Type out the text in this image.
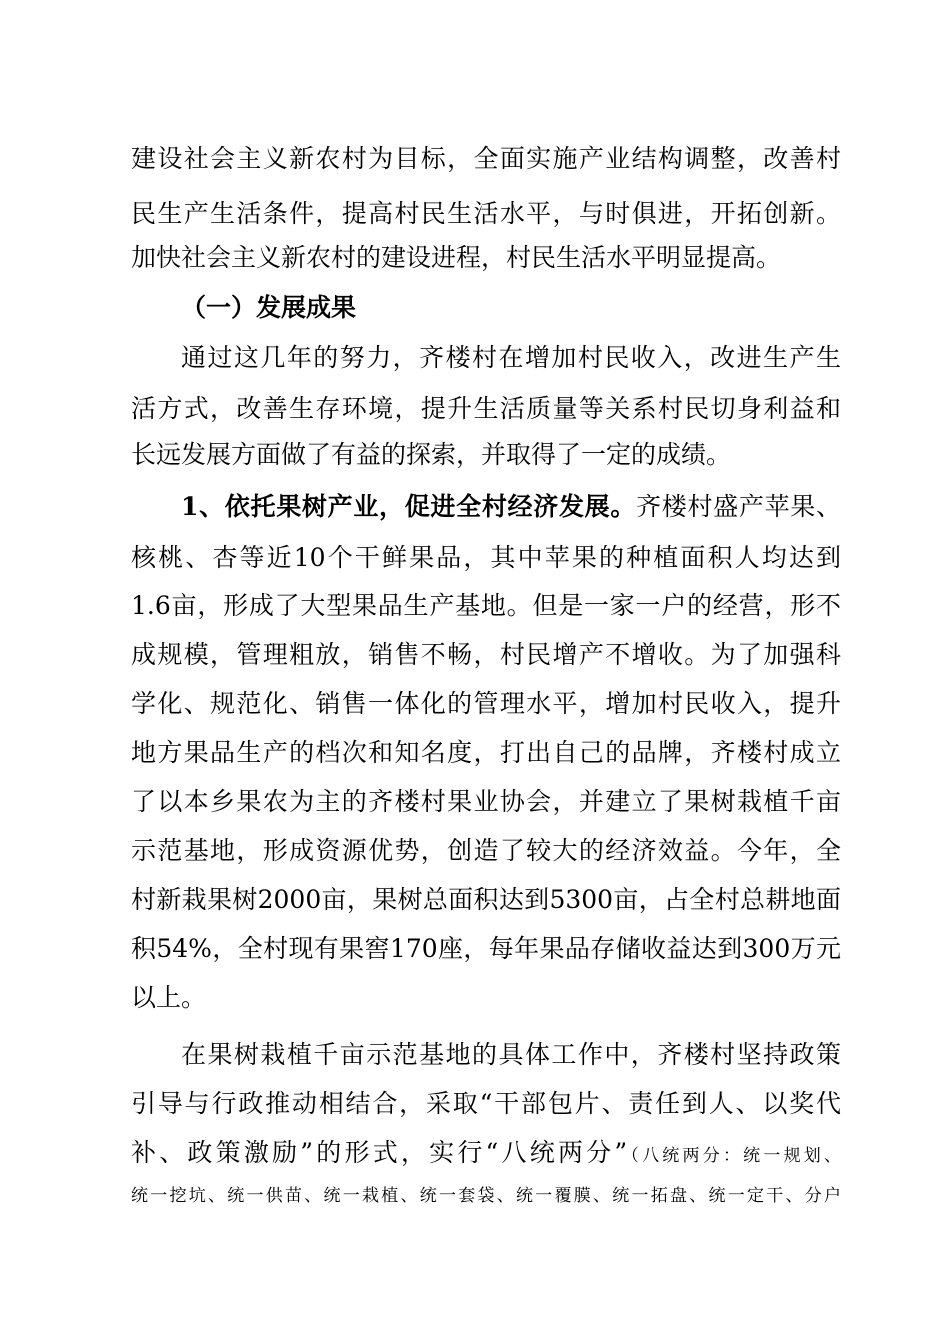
建设社会主义新农村为目标，全面实施产业结构调整，改善村
民生产生活条件，提高村民生活水平，与时俱进，开拓创新。
加快社会主义新农村的建设进程，村民生活水平明显提高。
（一）发展成果
通过这几年的努力，齐楼村在增加村民收入，改进生产生
活方式，改善生存环境，提升生活质量等关系村民切身利益和
长远发展方面做了有益的探索，并取得了一定的成绩。
1、依托果树产业，促进全村经济发展。齐楼村盛产苹果、
核桃、杏等近10个干鲜果品，其中苹果的种植面积人均达到
1.6亩，形成了大型果品生产基地。但是一家一户的经营，形不
成规模，管理粗放，销售不畅，村民增产不增收。为了加强科
学化、规范化、销售一体化的管理水平，增加村民收入，提升
地方果品生产的档次和知名度，打出自己的品牌，齐楼村成立
了以本乡果农为主的齐楼村果业协会，并建立了果树栽植千亩
示范基地，形成资源优势，创造了较大的经济效益。今年，全
村新栽果树2000亩，果树总面积达到5300亩，占全村总耕地面
积54%，全村现有果窖170座，每年果品存储收益达到300万元
以上。
在果树栽植千亩示范基地的具体工作中，齐楼村坚持政策
引导与行政推动相结合，采取“干部包片、责任到人、以奖代
补、政策激励”的形式，实行“八统两分”（八统两分：统一规划、
统一挖坑、统一供苗、统一栽植、统一套袋、统一覆膜、统一拓盘、统一定干、分户
